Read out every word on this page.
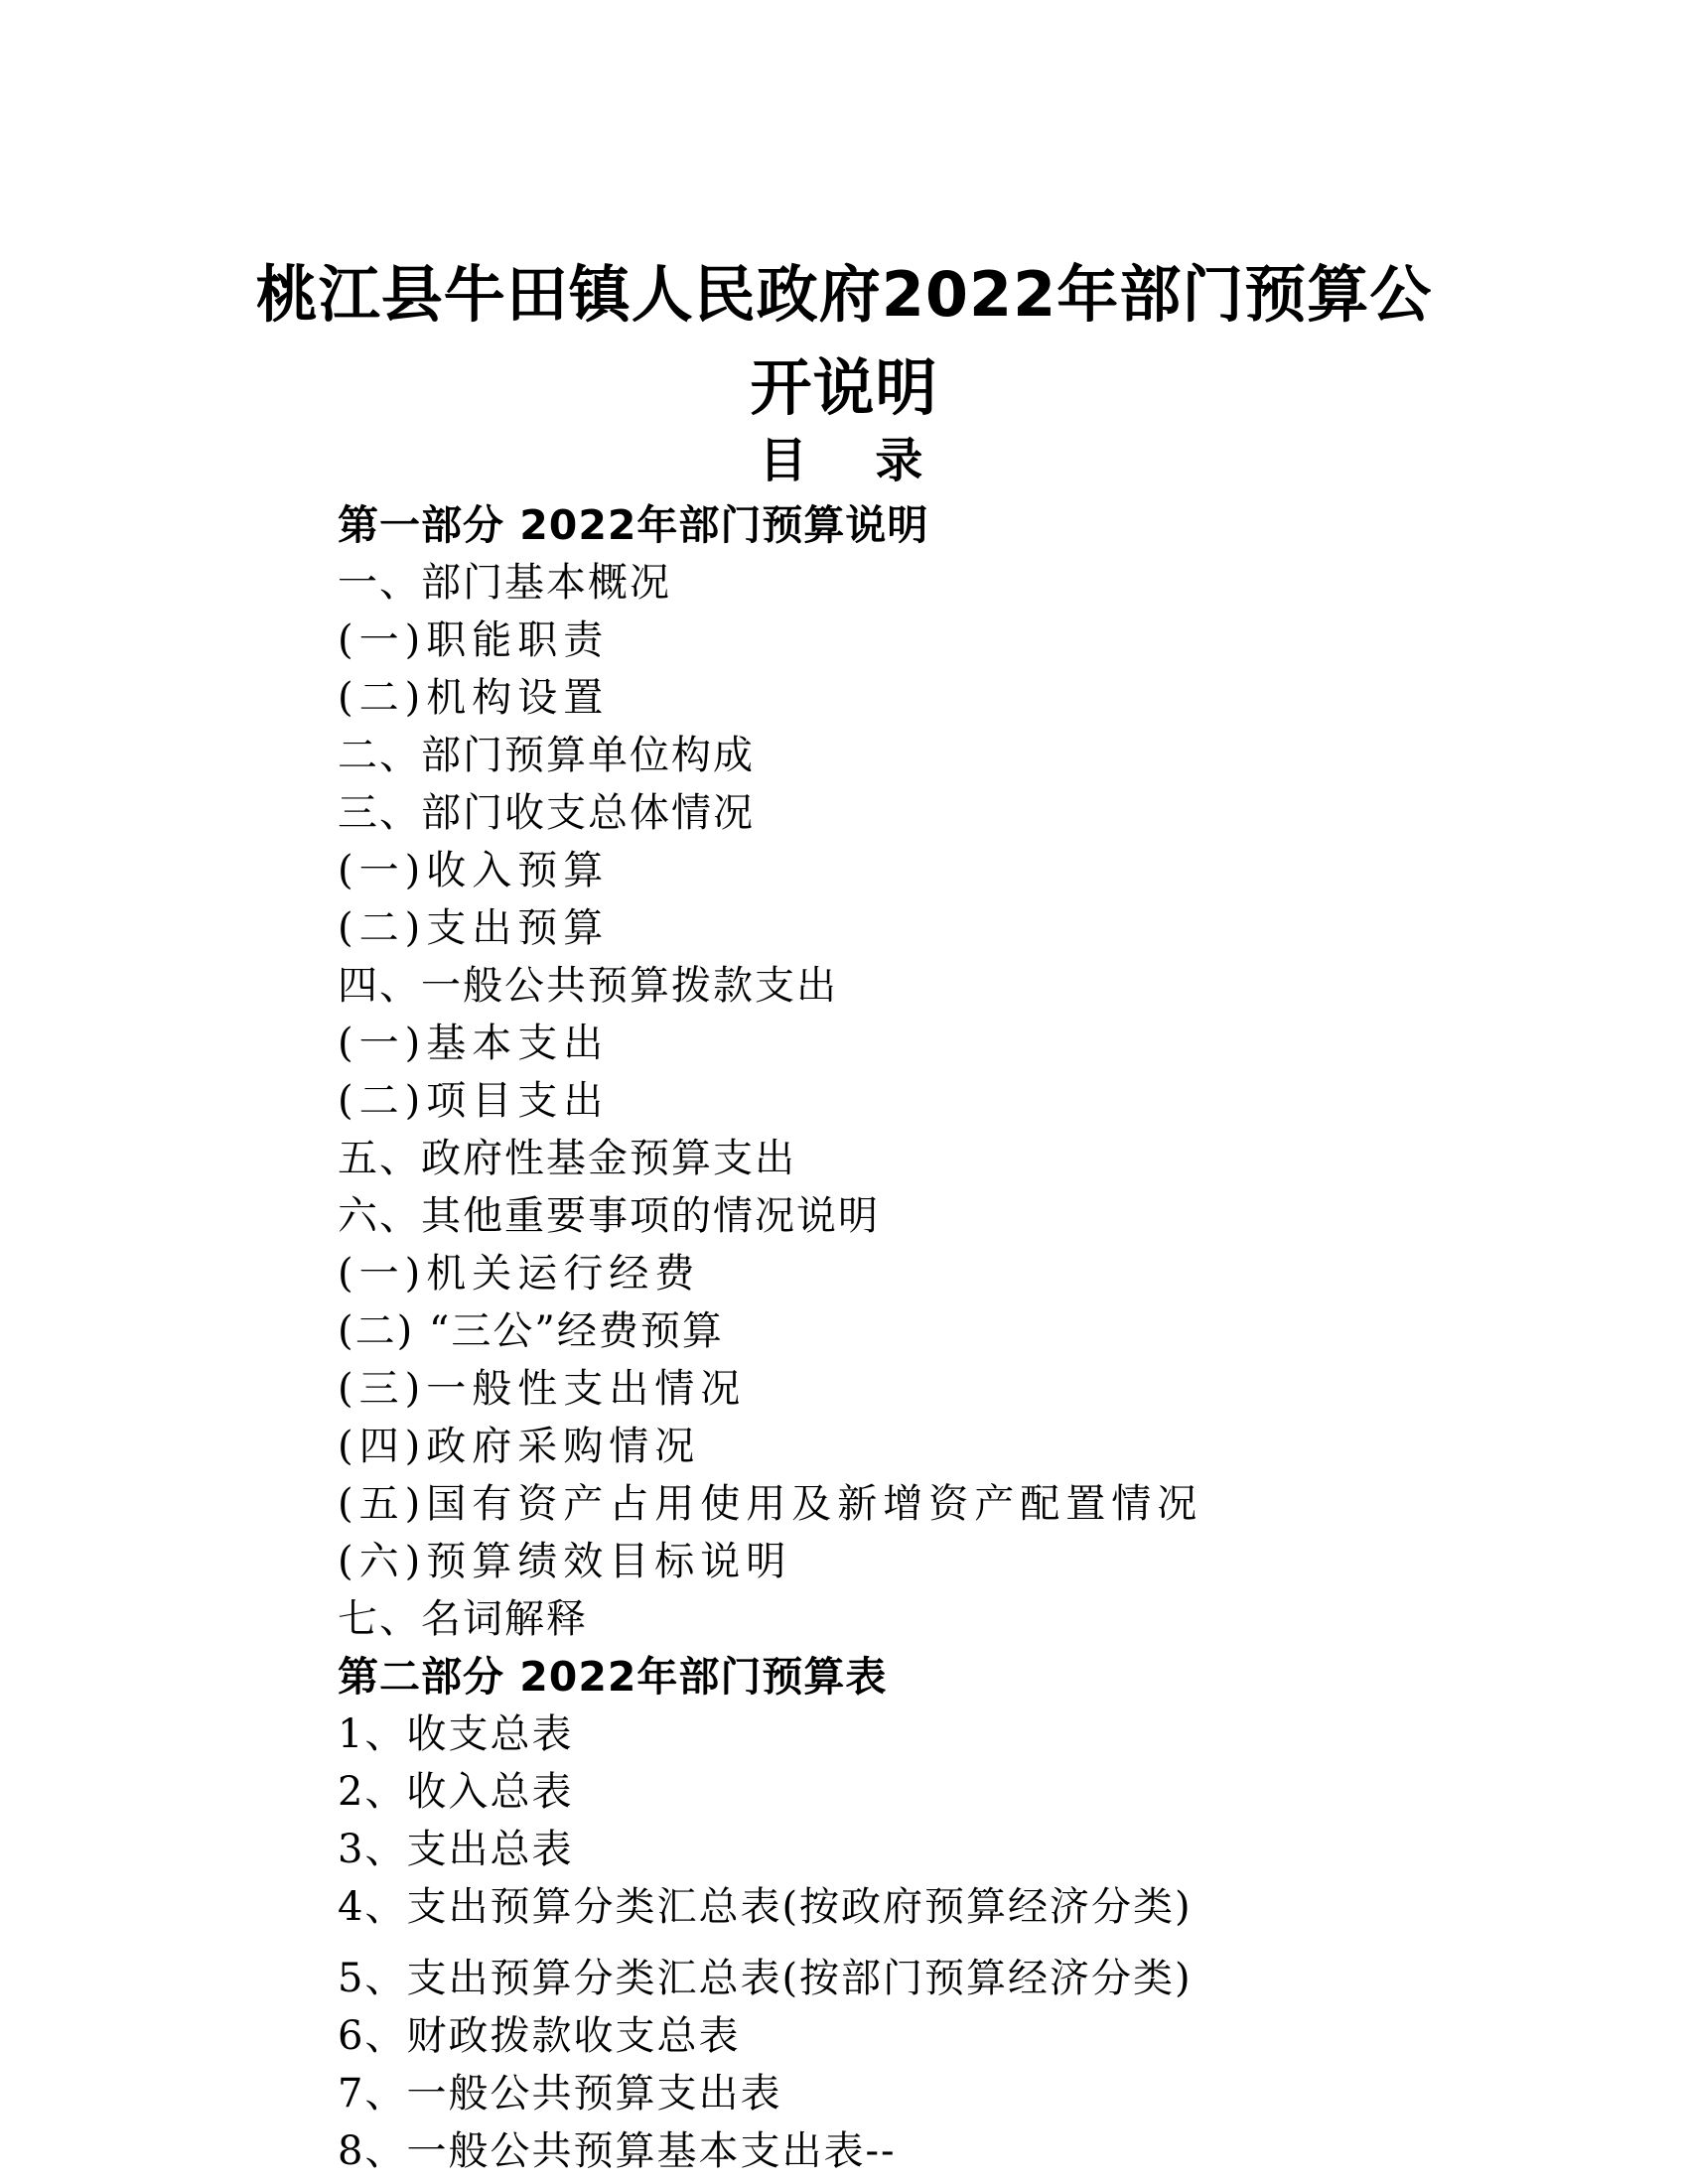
桃江县牛田镇人民政府2022年部门预算公
开说明
目 录
第一部分 2022年部门预算说明
一、部门基本概况
(一)职能职责
(二)机构设置
二、部门预算单位构成
三、部门收支总体情况
(一)收入预算
(二)支出预算
四、一般公共预算拨款支出
(一)基本支出
(二)项目支出
五、政府性基金预算支出
六、其他重要事项的情况说明
(一)机关运行经费
(二) “三公”经费预算
(三)一般性支出情况
(四)政府采购情况
(五)国有资产占用使用及新增资产配置情况
(六)预算绩效目标说明
七、名词解释
第二部分 2022年部门预算表
1、收支总表
2、收入总表
3、支出总表
4、支出预算分类汇总表(按政府预算经济分类)
5、支出预算分类汇总表(按部门预算经济分类)
6、财政拨款收支总表
7、一般公共预算支出表
8、一般公共预算基本支出表--
